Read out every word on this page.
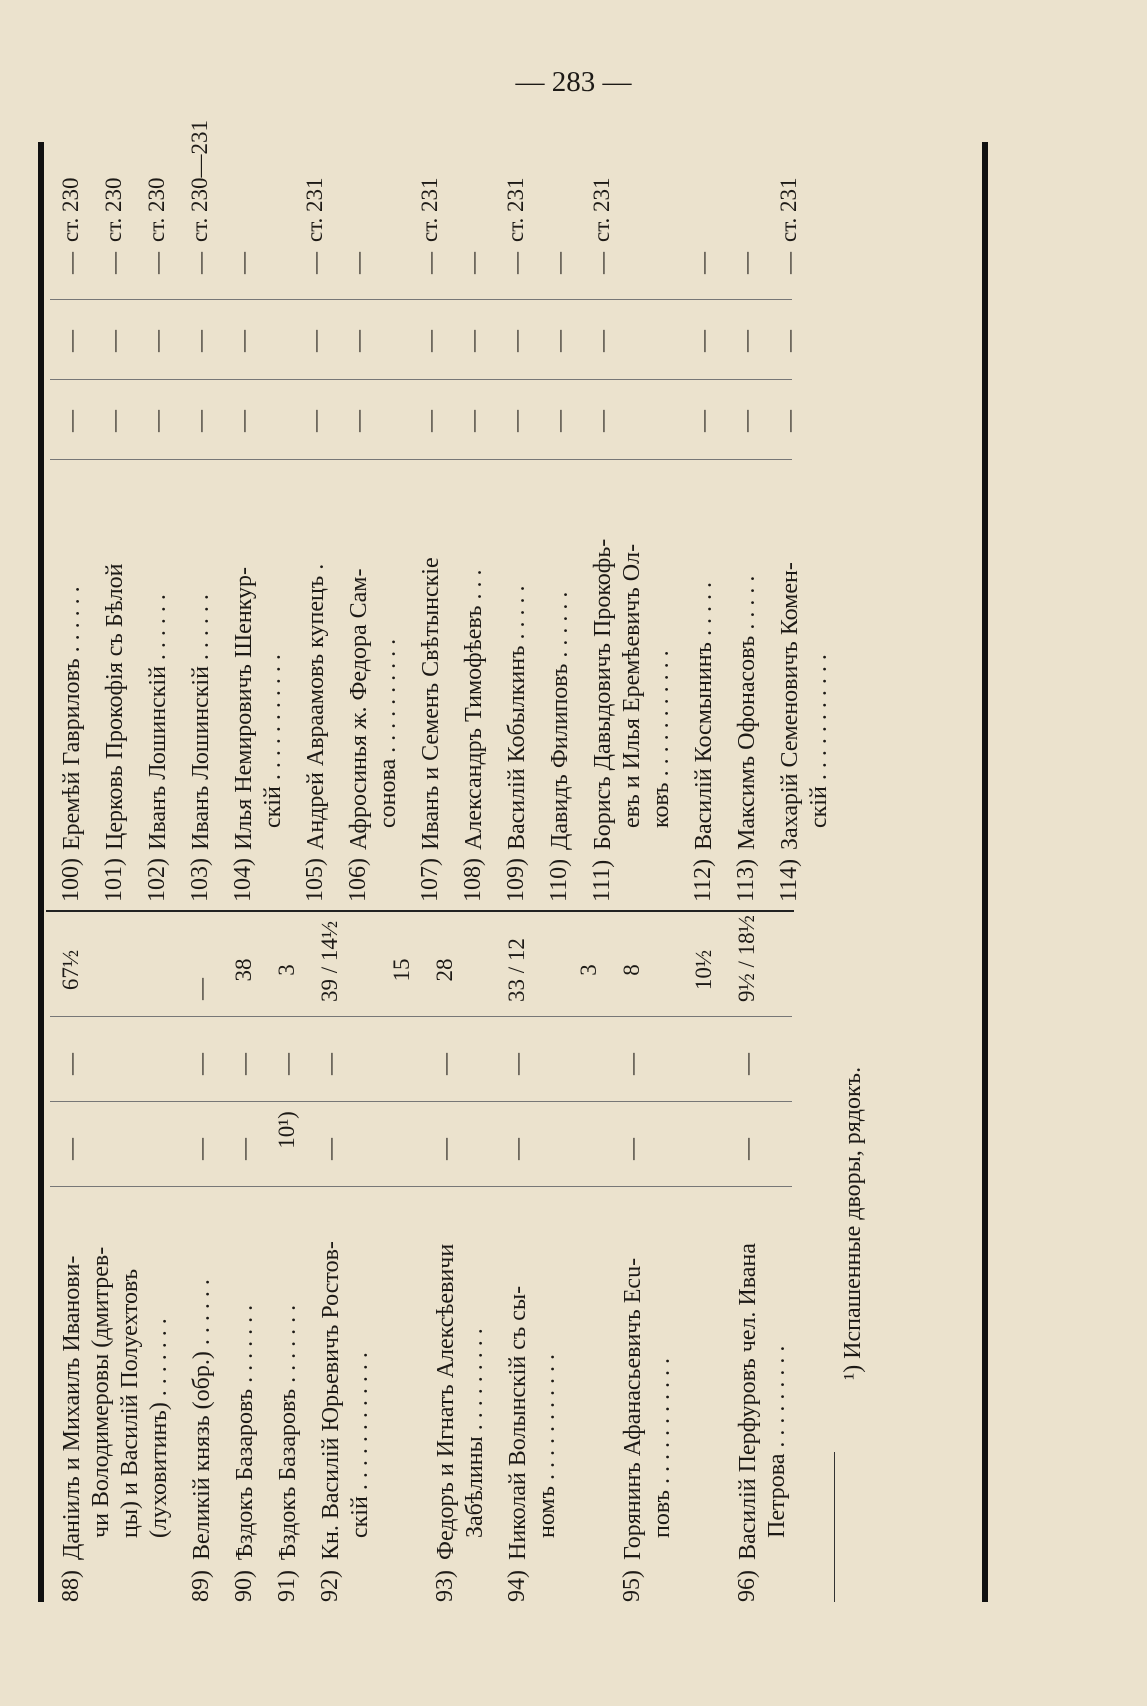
— 283 —
88)
Даніилъ и Михаилъ Иванови- чи Володимеровы (дмитрев- цы) и Василій Полуехтовъ (луховитинъ) . . . . . . .
—
—
67½
89)
Великій князь (обр.) . . . . . .
—
—
—
90)
Ѣздокъ Базаровъ . . . . . . .
—
—
38
91)
Ѣздокъ Базаровъ . . . . . . .
10¹)
—
3
92)
Кн. Василій Юрьевичъ Ростов- скій . . . . . . . . . . . .
—
—
39 / 14½ 15
93)
Федоръ и Игнатъ Алексѣевичи Забѣлины . . . . . . . . .
—
—
28
94)
Николай Волынскій съ сы- номъ . . . . . . . . . . .
—
—
33 / 12 3
95)
Горянинъ Афанасьевичъ Есu- повъ . . . . . . . . . . .
—
—
8 10½
96)
Василій Перфуровъ чел. Ивана Петрова . . . . . . . . .
—
—
9½ / 18½
100)
Еремѣй Гавриловъ . . . . . .
—
—
—
ст. 230
101)
Церковь Прокофія съ Бѣлой
—
—
—
ст. 230
102)
Иванъ Лошинскій . . . . . .
—
—
—
ст. 230
103)
Иванъ Лошинскій . . . . . .
—
—
—
ст. 230—231
104)
Илья Немировичъ Шенкур- скій . . . . . . . . . . .
—
—
—
105)
Андрей Авраамовъ купецъ .
—
—
—
ст. 231
106)
Афросинья ж. Федора Сам- сонова . . . . . . . . . .
—
—
—
107)
Иванъ и Семенъ Свѣтынскіе
—
—
—
ст. 231
108)
Александръ Тимофѣевъ . . .
—
—
—
109)
Василій Кобылкинъ . . . . .
—
—
—
ст. 231
110)
Давидъ Филиповъ . . . . . .
—
—
—
111)
Борисъ Давыдовичъ Прокофь- евъ и Илья Еремѣевичъ Ол- ковъ . . . . . . . . . . .
—
—
—
ст. 231
112)
Василій Космынинъ . . . . .
—
—
—
113)
Максимъ Офонасовъ . . . . .
—
—
—
114)
Захарій Семеновичъ Комен- скій . . . . . . . . . . .
—
—
—
ст. 231
¹) Испашенные дворы, рядокъ.
